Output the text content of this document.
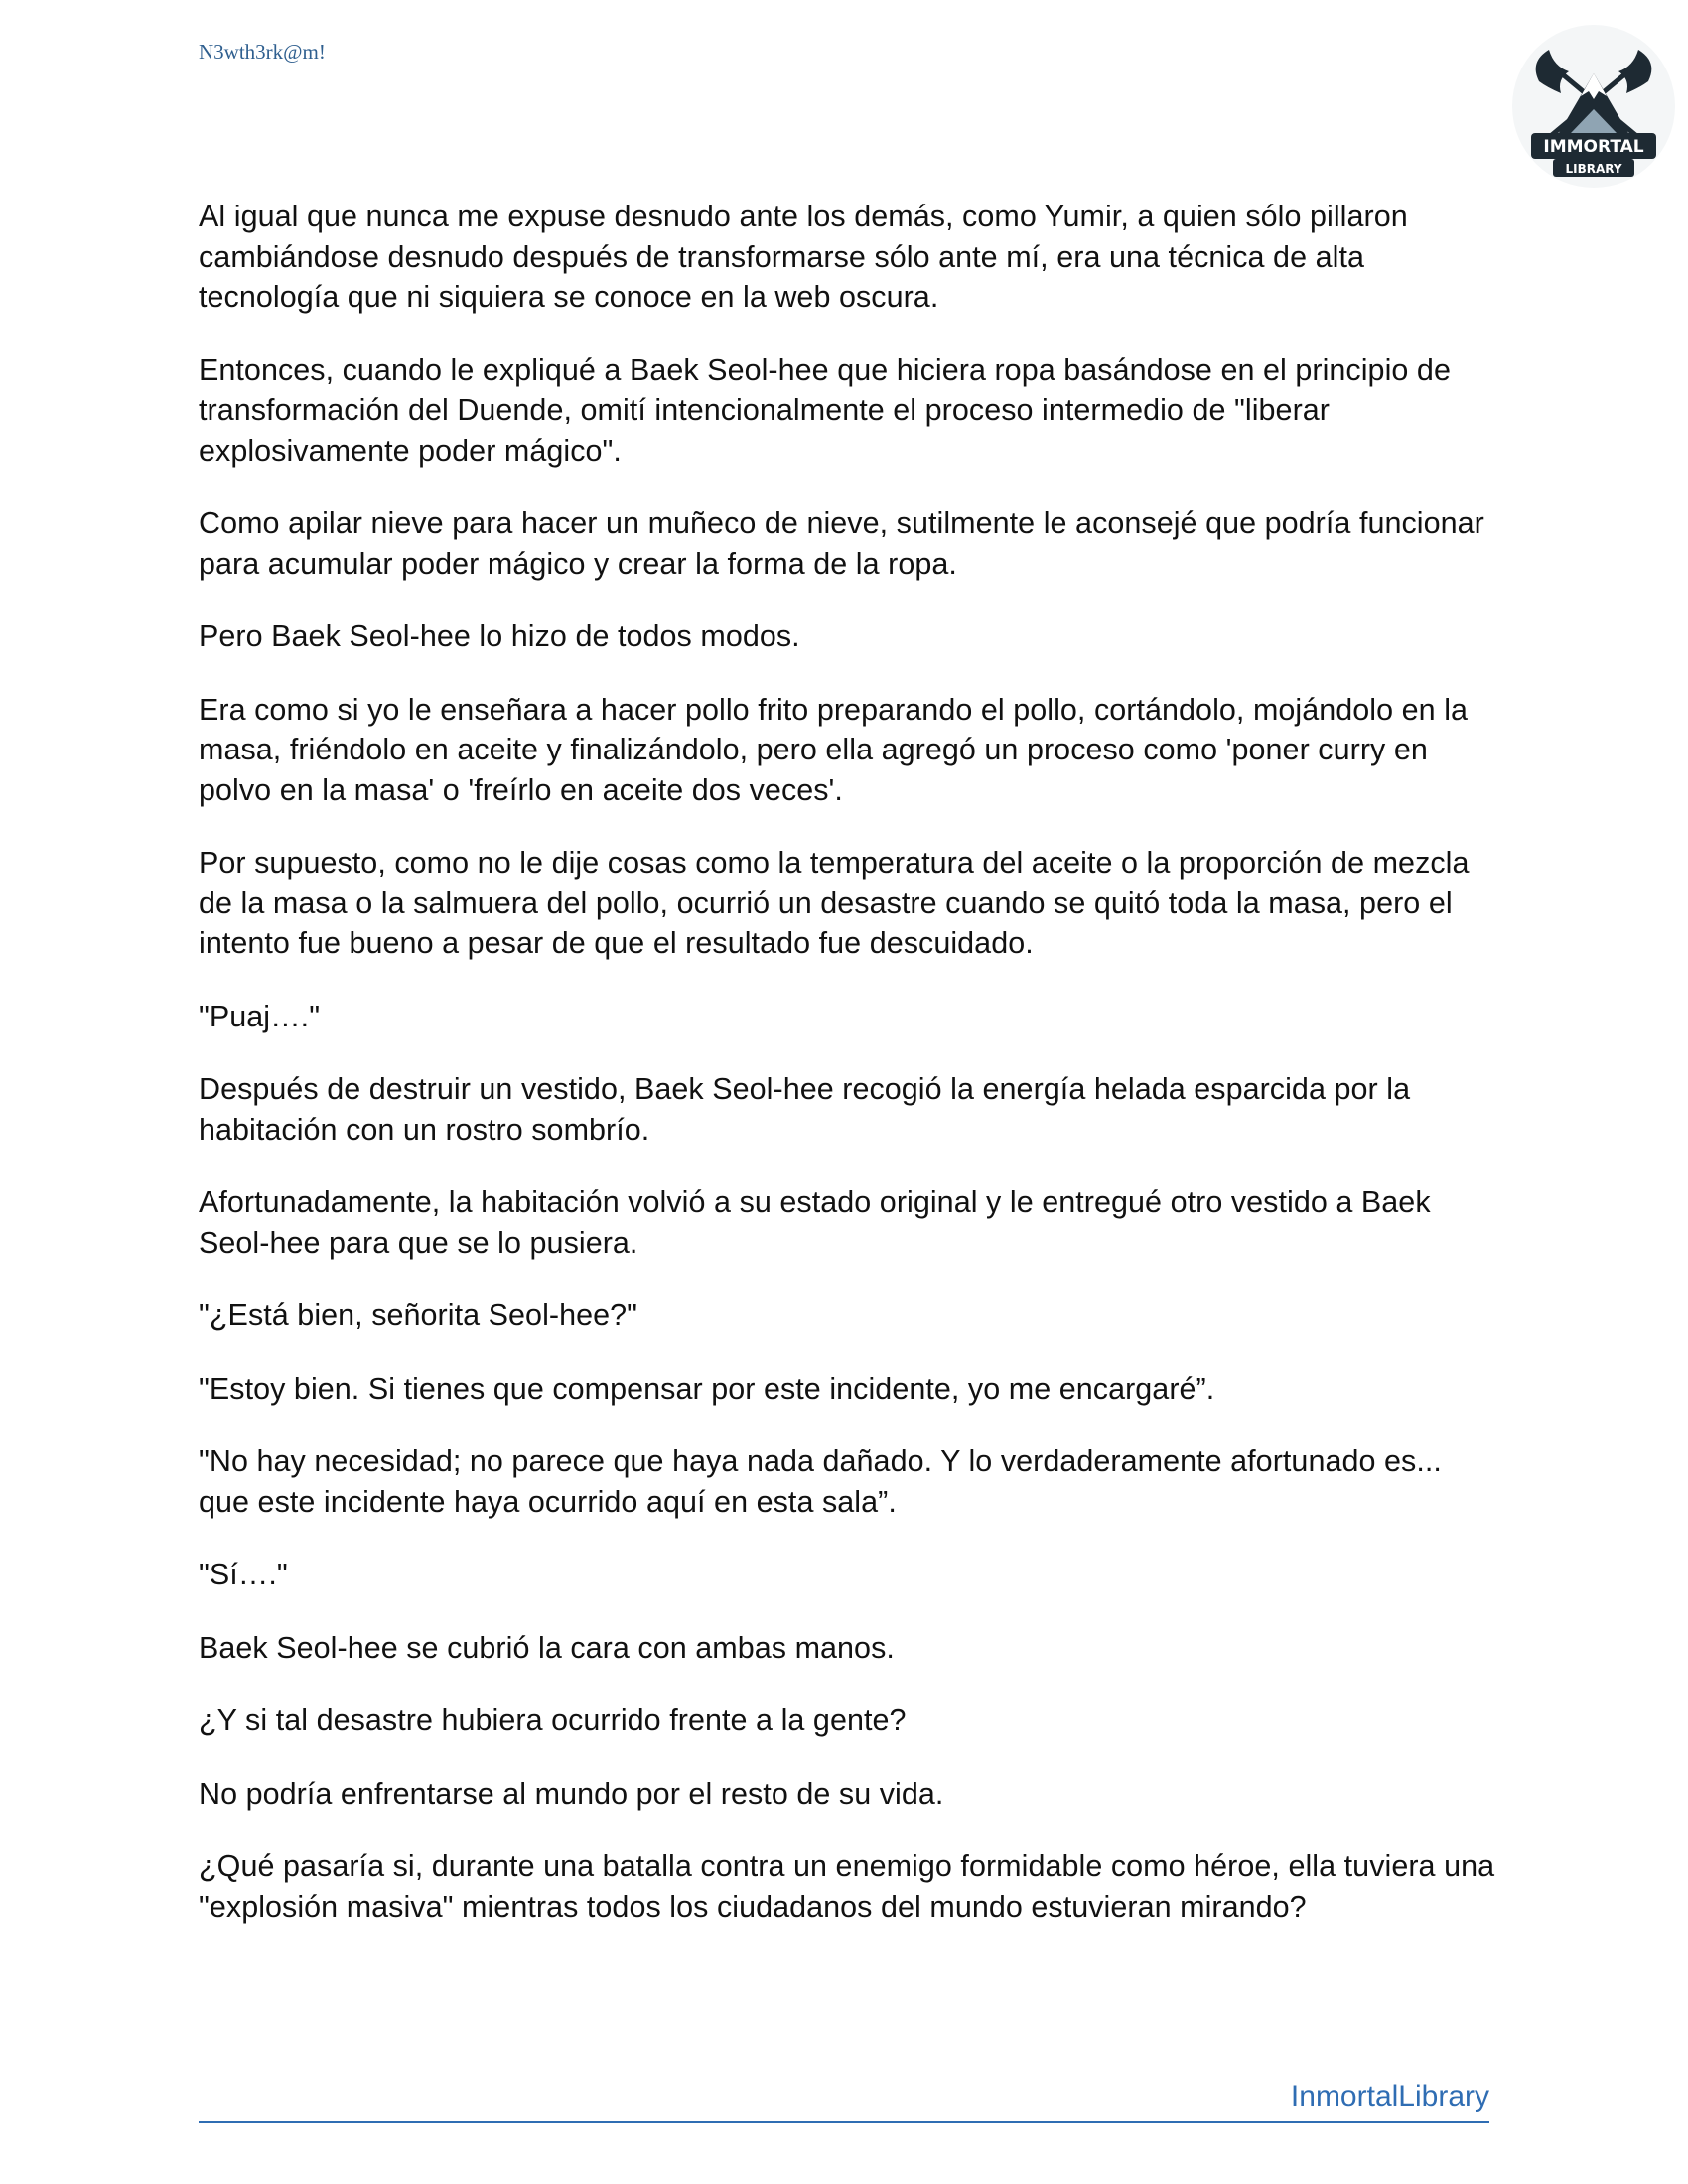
N3wth3rk@m!
IMMORTAL
LIBRARY

Al igual que nunca me expuse desnudo ante los demás, como Yumir, a quien sólo pillaron cambiándose desnudo después de transformarse sólo ante mí, era una técnica de alta tecnología que ni siquiera se conoce en la web oscura.

Entonces, cuando le expliqué a Baek Seol-hee que hiciera ropa basándose en el principio de transformación del Duende, omití intencionalmente el proceso intermedio de "liberar explosivamente poder mágico".

Como apilar nieve para hacer un muñeco de nieve, sutilmente le aconsejé que podría funcionar para acumular poder mágico y crear la forma de la ropa.

Pero Baek Seol-hee lo hizo de todos modos.

Era como si yo le enseñara a hacer pollo frito preparando el pollo, cortándolo, mojándolo en la masa, friéndolo en aceite y finalizándolo, pero ella agregó un proceso como 'poner curry en polvo en la masa' o 'freírlo en aceite dos veces'.

Por supuesto, como no le dije cosas como la temperatura del aceite o la proporción de mezcla de la masa o la salmuera del pollo, ocurrió un desastre cuando se quitó toda la masa, pero el intento fue bueno a pesar de que el resultado fue descuidado.

"Puaj…."

Después de destruir un vestido, Baek Seol-hee recogió la energía helada esparcida por la habitación con un rostro sombrío.

Afortunadamente, la habitación volvió a su estado original y le entregué otro vestido a Baek Seol-hee para que se lo pusiera.

"¿Está bien, señorita Seol-hee?"

"Estoy bien. Si tienes que compensar por este incidente, yo me encargaré”.

"No hay necesidad; no parece que haya nada dañado. Y lo verdaderamente afortunado es... que este incidente haya ocurrido aquí en esta sala”.

"Sí…."

Baek Seol-hee se cubrió la cara con ambas manos.

¿Y si tal desastre hubiera ocurrido frente a la gente?

No podría enfrentarse al mundo por el resto de su vida.

¿Qué pasaría si, durante una batalla contra un enemigo formidable como héroe, ella tuviera una "explosión masiva" mientras todos los ciudadanos del mundo estuvieran mirando?

InmortalLibrary
